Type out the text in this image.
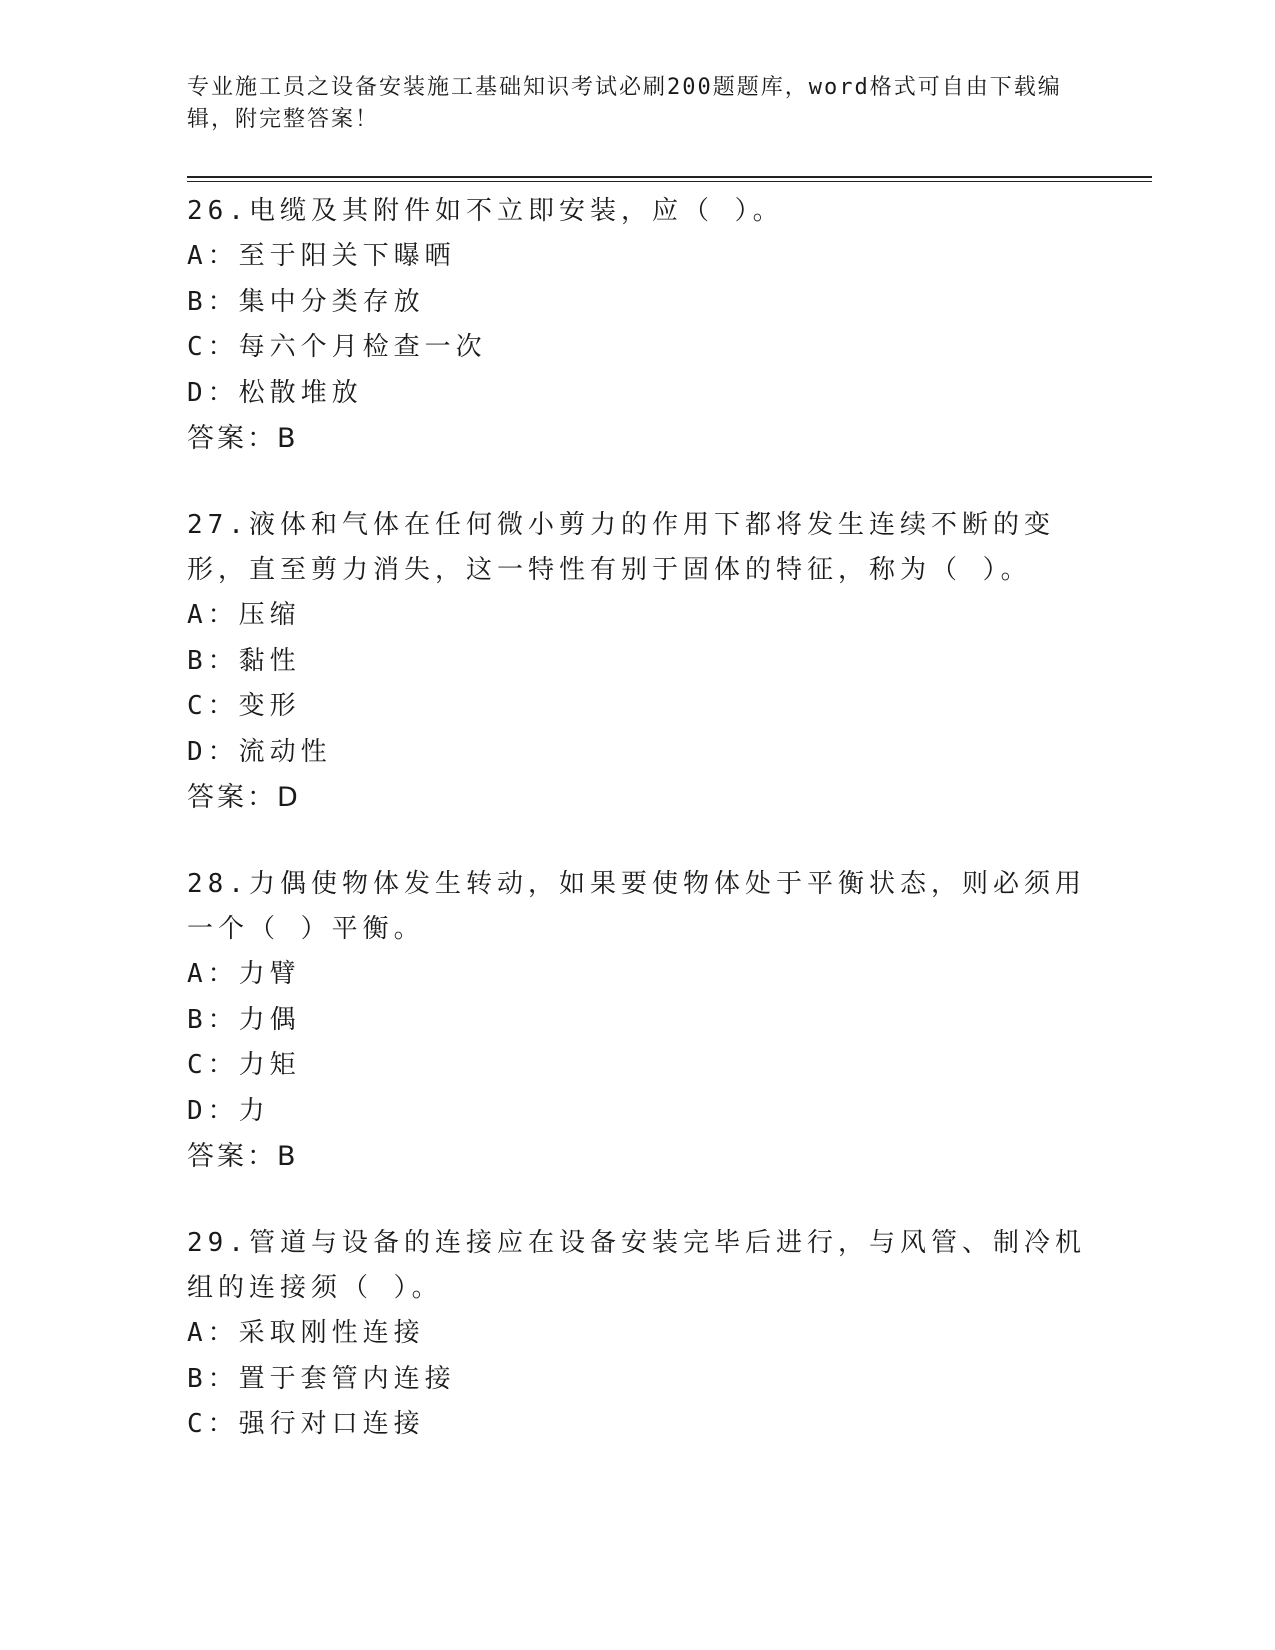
专业施工员之设备安装施工基础知识考试必刷200题题库，word格式可自由下载编辑，附完整答案！

26.电缆及其附件如不立即安装，应（ ）。

A：至于阳关下曝晒

B：集中分类存放

C：每六个月检查一次

D：松散堆放

答案：B

27.液体和气体在任何微小剪力的作用下都将发生连续不断的变形，直至剪力消失，这一特性有别于固体的特征，称为（ ）。

A：压缩

B：黏性

C：变形

D：流动性

答案：D

28.力偶使物体发生转动，如果要使物体处于平衡状态，则必须用一个（ ）平衡。

A：力臂

B：力偶

C：力矩

D：力

答案：B

29.管道与设备的连接应在设备安装完毕后进行，与风管、制冷机组的连接须（ ）。

A：采取刚性连接

B：置于套管内连接

C：强行对口连接
